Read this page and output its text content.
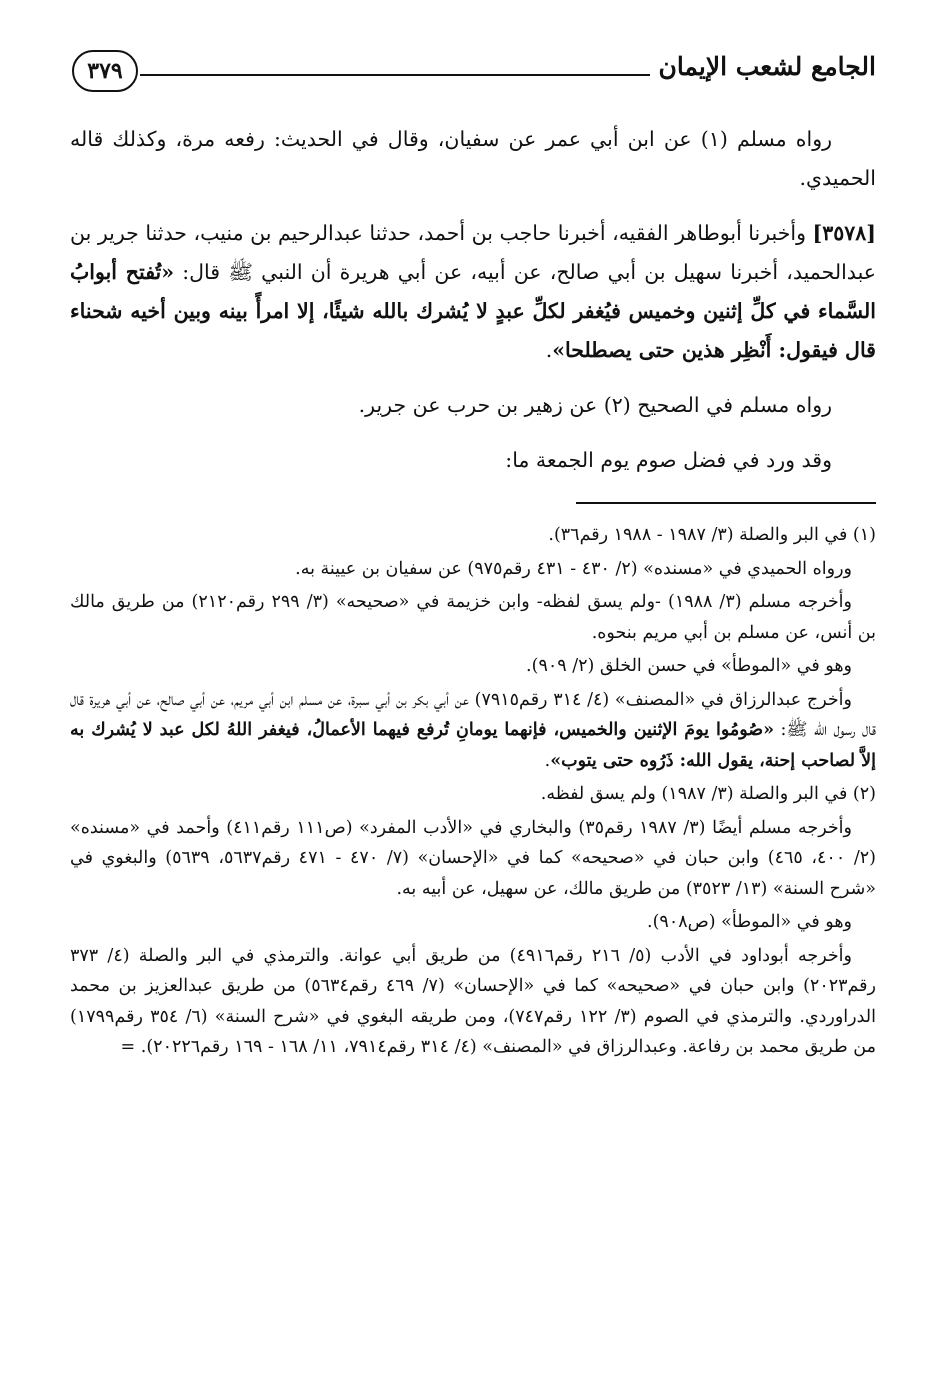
الجامع لشعب الإيمان
٣٧٩

رواه مسلم (١) عن ابن أبي عمر عن سفيان، وقال في الحديث: رفعه مرة، وكذلك قاله الحميدي.

[٣٥٧٨] وأخبرنا أبوطاهر الفقيه، أخبرنا حاجب بن أحمد، حدثنا عبدالرحيم بن منيب، حدثنا جرير بن عبدالحميد، أخبرنا سهيل بن أبي صالح، عن أبيه، عن أبي هريرة أن النبي ﷺ قال: «تُفتح أبوابُ السَّماء في كلِّ إثنين وخميس فيُغفر لكلِّ عبدٍ لا يُشرك بالله شيئًا، إلا امرأً بينه وبين أخيه شحناء قال فيقول: أَنْظِر هذين حتى يصطلحا».

رواه مسلم في الصحيح (٢) عن زهير بن حرب عن جرير.

وقد ورد في فضل صوم يوم الجمعة ما:

(١) في البر والصلة (٣/ ١٩٨٧ - ١٩٨٨ رقم٣٦).

ورواه الحميدي في «مسنده» (٢/ ٤٣٠ - ٤٣١ رقم٩٧٥) عن سفيان بن عيينة به.

وأخرجه مسلم (٣/ ١٩٨٨) -ولم يسق لفظه- وابن خزيمة في «صحيحه» (٣/ ٢٩٩ رقم٢١٢٠) من طريق مالك بن أنس، عن مسلم بن أبي مريم بنحوه.

وهو في «الموطأ» في حسن الخلق (٢/ ٩٠٩).

وأخرج عبدالرزاق في «المصنف» (٤/ ٣١٤ رقم٧٩١٥) عن أبي بكر بن أبي سبرة، عن مسلم ابن أبي مريم، عن أبي صالح، عن أبي هريرة قال قال رسول الله ﷺ: «صُومُوا يومَ الإثنين والخميس، فإنهما يومانِ تُرفع فيهما الأعمالُ، فيغفر اللهُ لكل عبد لا يُشرك به إلاَّ لصاحب إحنة، يقول الله: ذَرُوه حتى يتوب».

(٢) في البر والصلة (٣/ ١٩٨٧) ولم يسق لفظه.

وأخرجه مسلم أيضًا (٣/ ١٩٨٧ رقم٣٥) والبخاري في «الأدب المفرد» (ص١١١ رقم٤١١) وأحمد في «مسنده» (٢/ ٤٠٠، ٤٦٥) وابن حبان في «صحيحه» كما في «الإحسان» (٧/ ٤٧٠ - ٤٧١ رقم٥٦٣٧، ٥٦٣٩) والبغوي في «شرح السنة» (١٣/ ٣٥٢٣) من طريق مالك، عن سهيل، عن أبيه به.

وهو في «الموطأ» (ص٩٠٨).

وأخرجه أبوداود في الأدب (٥/ ٢١٦ رقم٤٩١٦) من طريق أبي عوانة. والترمذي في البر والصلة (٤/ ٣٧٣ رقم٢٠٢٣) وابن حبان في «صحيحه» كما في «الإحسان» (٧/ ٤٦٩ رقم٥٦٣٤) من طريق عبدالعزيز بن محمد الدراوردي. والترمذي في الصوم (٣/ ١٢٢ رقم٧٤٧)، ومن طريقه البغوي في «شرح السنة» (٦/ ٣٥٤ رقم١٧٩٩) من طريق محمد بن رفاعة. وعبدالرزاق في «المصنف» (٤/ ٣١٤ رقم٧٩١٤، ١١/ ١٦٨ - ١٦٩ رقم٢٠٢٢٦). =
